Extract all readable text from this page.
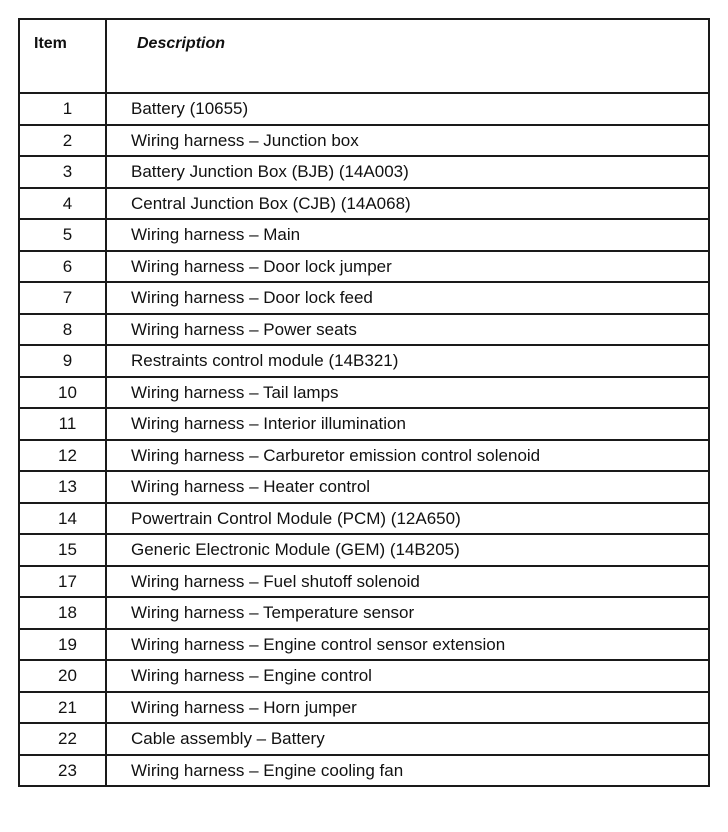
Item	Description
1	Battery (10655)
2	Wiring harness – Junction box
3	Battery Junction Box (BJB) (14A003)
4	Central Junction Box (CJB) (14A068)
5	Wiring harness – Main
6	Wiring harness – Door lock jumper
7	Wiring harness – Door lock feed
8	Wiring harness – Power seats
9	Restraints control module (14B321)
10	Wiring harness – Tail lamps
11	Wiring harness – Interior illumination
12	Wiring harness – Carburetor emission control solenoid
13	Wiring harness – Heater control
14	Powertrain Control Module (PCM) (12A650)
15	Generic Electronic Module (GEM) (14B205)
17	Wiring harness – Fuel shutoff solenoid
18	Wiring harness – Temperature sensor
19	Wiring harness – Engine control sensor extension
20	Wiring harness – Engine control
21	Wiring harness – Horn jumper
22	Cable assembly – Battery
23	Wiring harness – Engine cooling fan
